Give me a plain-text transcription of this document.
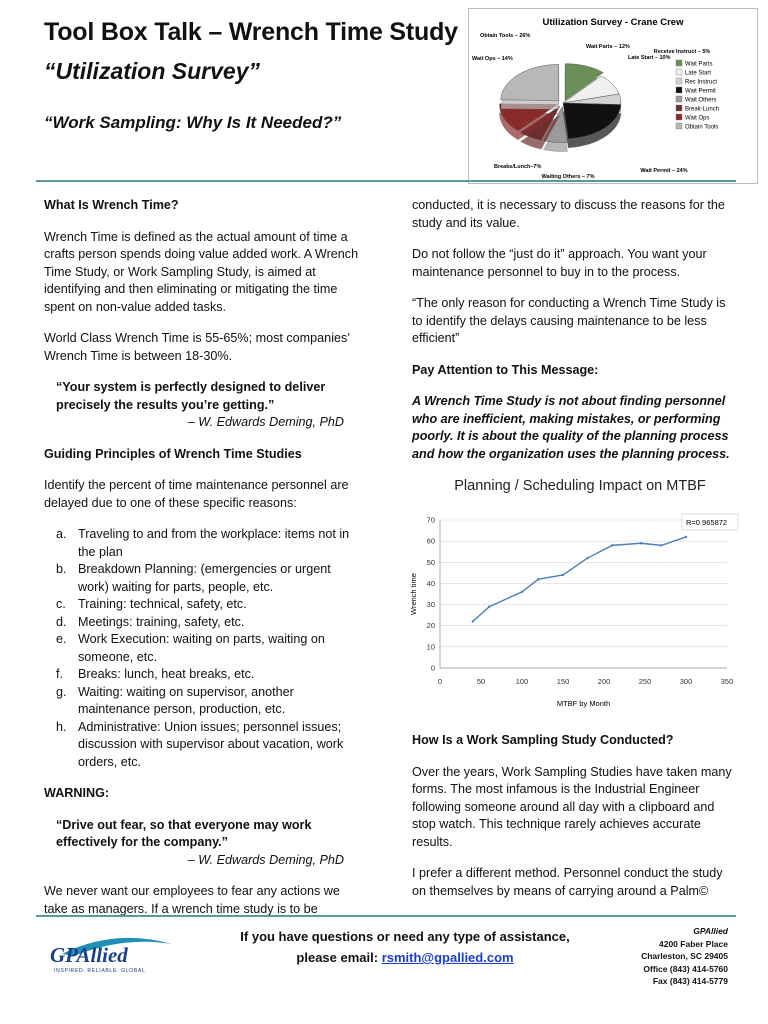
Tool Box Talk – Wrench Time Study
“Utilization Survey”
“Work Sampling: Why Is It Needed?”
Utilization Survey - Crane Crew
Wait Parts – 12%
Late Start – 10%
Receive Instruct – 5%
Wait Permit – 24%
Waiting Others – 7%
Breaks/Lunch–7%
Wait Ops – 14%
Obtain Tools – 26%
Wait Parts
Late Start
Rec Instruct
Wait Permit
Wait Others
Break-Lunch
Wait Ops
Obtain Tools

What Is Wrench Time?

Wrench Time is defined as the actual amount of time a crafts person spends doing value added work. A Wrench Time Study, or Work Sampling Study, is aimed at identifying and then eliminating or mitigating the time spent on non-value added tasks.

World Class Wrench Time is 55-65%; most companies’ Wrench Time is between 18-30%.

“Your system is perfectly designed to deliver precisely the results you’re getting.”
– W. Edwards Deming, PhD

Guiding Principles of Wrench Time Studies

Identify the percent of time maintenance personnel are delayed due to one of these specific reasons:

a. Traveling to and from the workplace: items not in the plan
b. Breakdown Planning: (emergencies or urgent work) waiting for parts, people, etc.
c. Training: technical, safety, etc.
d. Meetings: training, safety, etc.
e. Work Execution: waiting on parts, waiting on someone, etc.
f. Breaks: lunch, heat breaks, etc.
g. Waiting: waiting on supervisor, another maintenance person, production, etc.
h. Administrative: Union issues; personnel issues; discussion with supervisor about vacation, work orders, etc.

WARNING:

“Drive out fear, so that everyone may work effectively for the company.”
– W. Edwards Deming, PhD

We never want our employees to fear any actions we take as managers. If a wrench time study is to be

conducted, it is necessary to discuss the reasons for the study and its value.

Do not follow the “just do it” approach. You want your maintenance personnel to buy in to the process.

“The only reason for conducting a Wrench Time Study is to identify the delays causing maintenance to be less efficient”

Pay Attention to This Message:

A Wrench Time Study is not about finding personnel who are inefficient, making mistakes, or performing poorly. It is about the quality of the planning process and how the organization uses the planning process.

Planning / Scheduling Impact on MTBF
0
10
20
30
40
50
60
70
0	50	100	150	200	250	300	350
MTBF by Month
Wrench time
R=0.965872

How Is a Work Sampling Study Conducted?

Over the years, Work Sampling Studies have taken many forms. The most infamous is the Industrial Engineer following someone around all day with a clipboard and stop watch. This technique rarely achieves accurate results.

I prefer a different method. Personnel conduct the study on themselves by means of carrying around a Palm©

GPAllied
INSPIRED. RELIABLE. GLOBAL
If you have questions or need any type of assistance,
please email: rsmith@gpallied.com
GPAllied
4200 Faber Place
Charleston, SC 29405
Office (843) 414-5760
Fax (843) 414-5779
